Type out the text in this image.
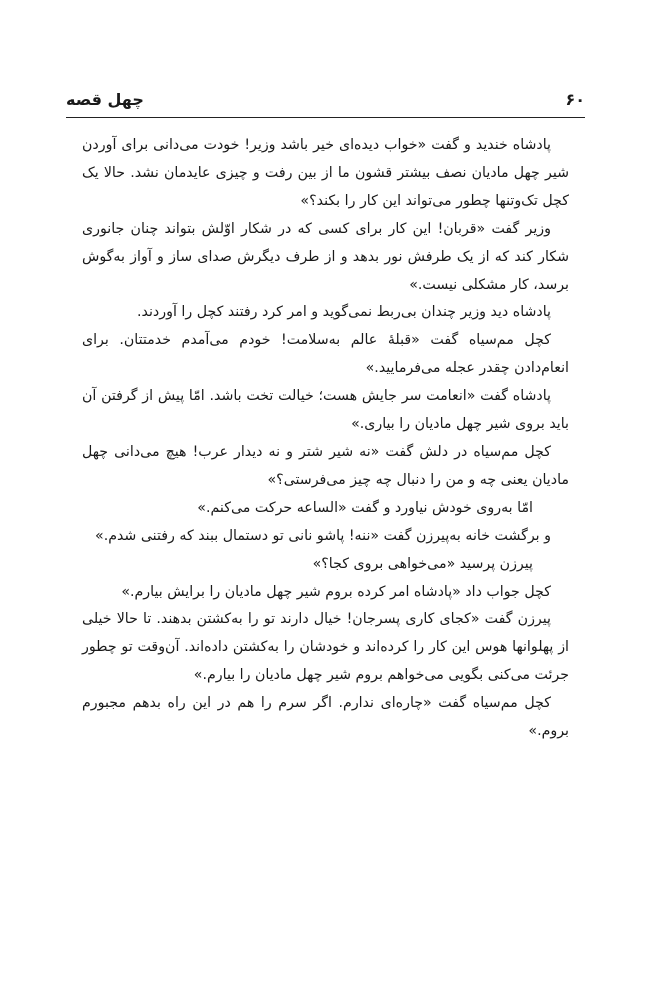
۶۰
چهل قصه

پادشاه خندید و گفت «خواب دیده‌ای خیر باشد وزیر! خودت می‌دانی برای آوردن شیر چهل مادیان نصف بیشتر قشون ما از بین رفت و چیزی عایدمان نشد. حالا یک کچل تک‌وتنها چطور می‌تواند این کار را بکند؟»

وزیر گفت «قربان! این کار برای کسی که در شکار اوّلش بتواند چنان جانوری شکار کند که از یک طرفش نور بدهد و از طرف دیگرش صدای ساز و آواز به‌گوش برسد، کار مشکلی نیست.»

پادشاه دید وزیر چندان بی‌ربط نمی‌گوید و امر کرد رفتند کچل را آوردند.

کچل مم‌سیاه گفت «قبلهٔ عالم به‌سلامت! خودم می‌آمدم خدمتتان. برای انعام‌دادن چقدر عجله می‌فرمایید.»

پادشاه گفت «انعامت سر جایش هست؛ خیالت تخت باشد. امّا پیش از گرفتن آن باید بروی شیر چهل مادیان را بیاری.»

کچل مم‌سیاه در دلش گفت «نه شیر شتر و نه دیدار عرب! هیچ می‌دانی چهل مادیان یعنی چه و من را دنبال چه چیز می‌فرستی؟»

امّا به‌روی خودش نیاورد و گفت «الساعه حرکت می‌کنم.»

و برگشت خانه به‌پیرزن گفت «ننه! پاشو نانی تو دستمال ببند که رفتنی شدم.»

پیرزن پرسید «می‌خواهی بروی کجا؟»

کچل جواب داد «پادشاه امر کرده بروم شیر چهل مادیان را برایش بیارم.»

پیرزن گفت «کجای کاری پسرجان! خیال دارند تو را به‌کشتن بدهند. تا حالا خیلی از پهلوانها هوس این کار را کرده‌اند و خودشان را به‌کشتن داده‌اند. آن‌وقت تو چطور جرئت می‌کنی بگویی می‌خواهم بروم شیر چهل مادیان را بیارم.»

کچل مم‌سیاه گفت «چاره‌ای ندارم. اگر سرم را هم در این راه بدهم مجبورم بروم.»
